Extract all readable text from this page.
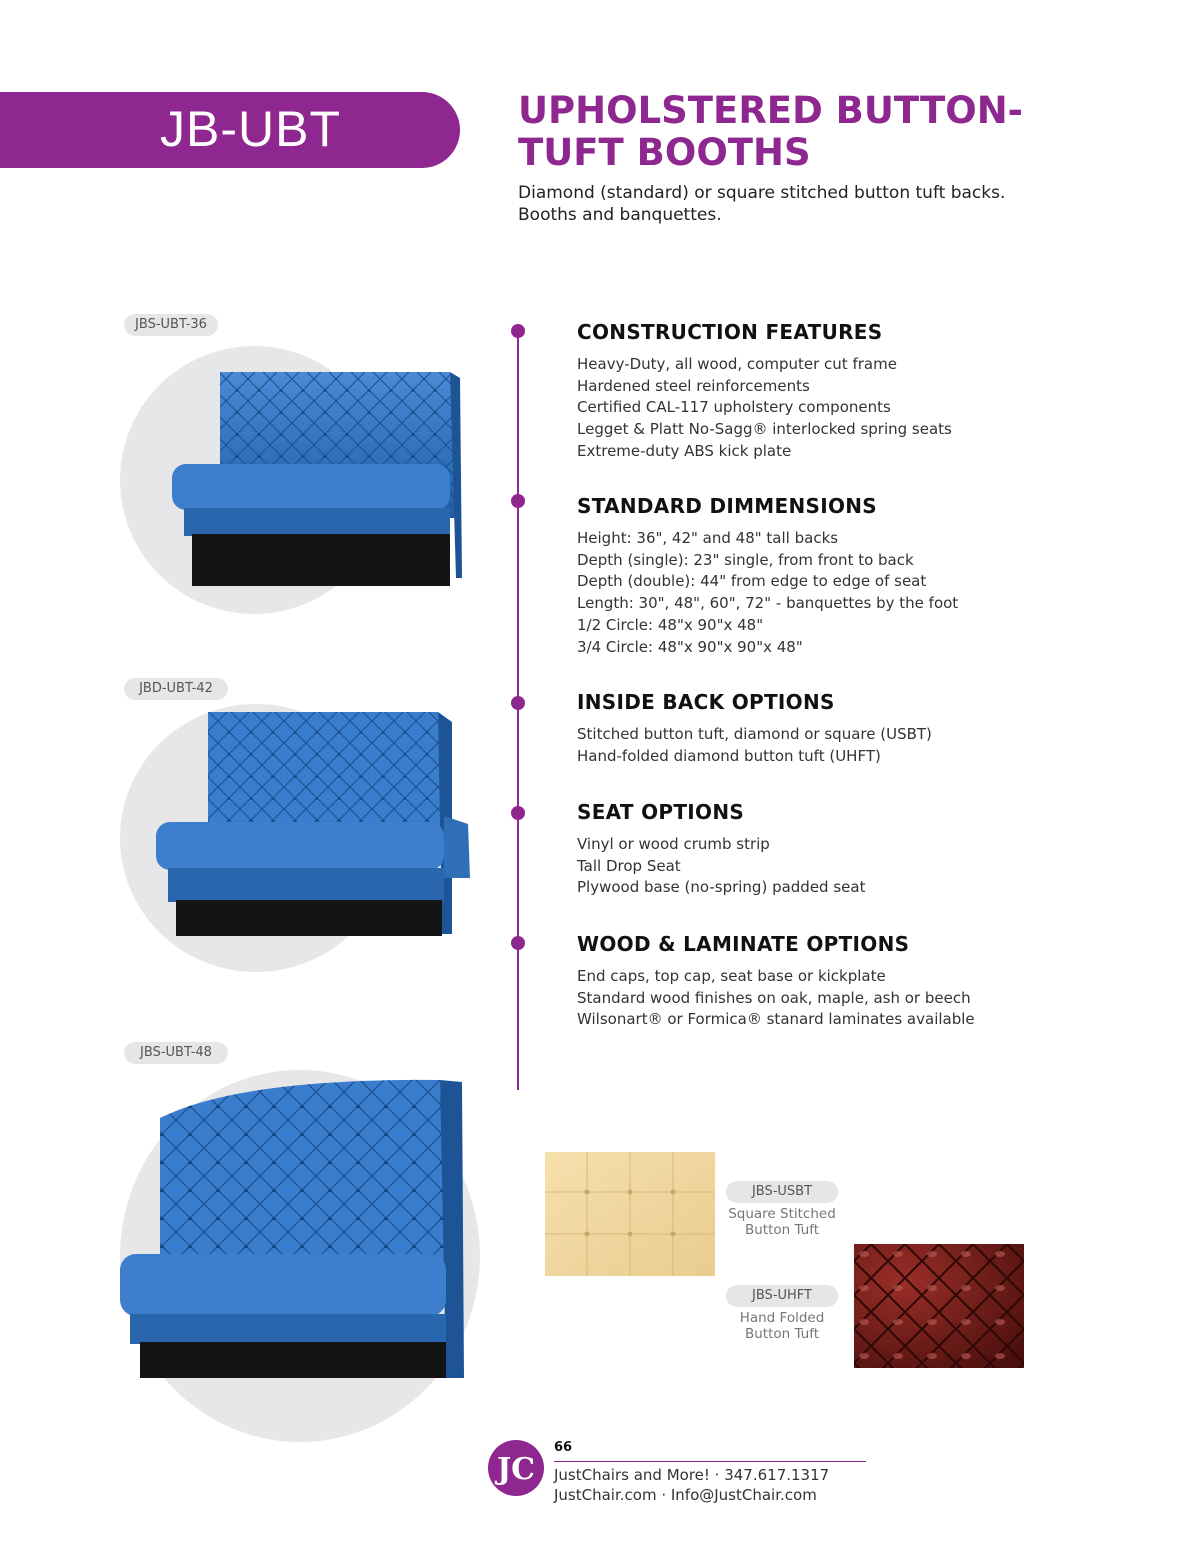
JB-UBT	UPHOLSTERED BUTTON-
TUFT BOOTHS
Diamond (standard) or square stitched button tuft backs.
Booths and banquettes.
JBS-UBT-36
JBD-UBT-42
JBS-UBT-48
CONSTRUCTION FEATURES
Heavy-Duty, all wood, computer cut frame
Hardened steel reinforcements
Certified CAL-117 upholstery components
Legget & Platt No-Sagg® interlocked spring seats
Extreme-duty ABS kick plate
STANDARD DIMMENSIONS
Height: 36", 42" and 48" tall backs
Depth (single): 23" single, from front to back
Depth (double): 44" from edge to edge of seat
Length: 30", 48", 60", 72" - banquettes by the foot
1/2 Circle: 48"x 90"x 48"
3/4 Circle: 48"x 90"x 90"x 48"
INSIDE BACK OPTIONS
Stitched button tuft, diamond or square (USBT)
Hand-folded diamond button tuft (UHFT)
SEAT OPTIONS
Vinyl or wood crumb strip
Tall Drop Seat
Plywood base (no-spring) padded seat
WOOD & LAMINATE OPTIONS
End caps, top cap, seat base or kickplate
Standard wood finishes on oak, maple, ash or beech
Wilsonart® or Formica® stanard laminates available
JBS-USBT
Square Stitched
Button Tuft
JBS-UHFT
Hand Folded
Button Tuft
JC
66
JustChairs and More! · 347.617.1317
JustChair.com · Info@JustChair.com
